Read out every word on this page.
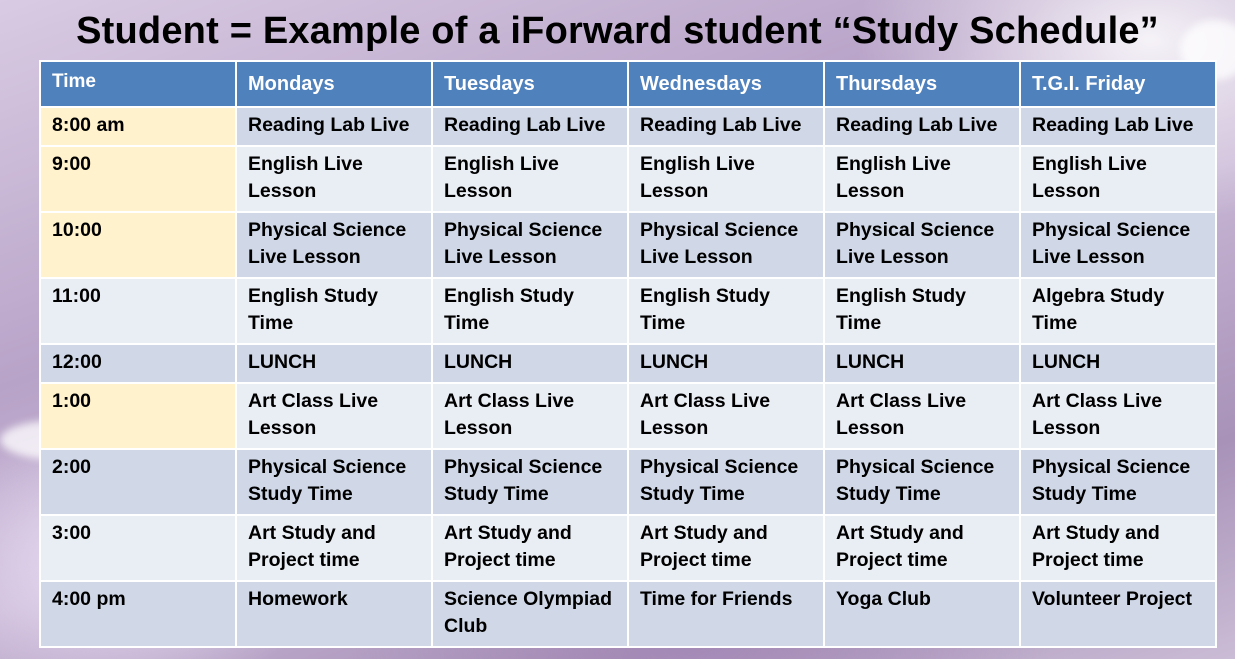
Student = Example of a iForward student “Study Schedule”
Time	Mondays	Tuesdays	Wednesdays	Thursdays	T.G.I. Friday
8:00 am	Reading Lab Live	Reading Lab Live	Reading Lab Live	Reading Lab Live	Reading Lab Live
9:00	English Live Lesson	English Live Lesson	English Live Lesson	English Live Lesson	English Live Lesson
10:00	Physical Science Live Lesson	Physical Science Live Lesson	Physical Science Live Lesson	Physical Science Live Lesson	Physical Science Live Lesson
11:00	English Study Time	English Study Time	English Study Time	English Study Time	Algebra Study Time
12:00	LUNCH	LUNCH	LUNCH	LUNCH	LUNCH
1:00	Art Class Live Lesson	Art Class Live Lesson	Art Class Live Lesson	Art Class Live Lesson	Art Class Live Lesson
2:00	Physical Science Study Time	Physical Science Study Time	Physical Science Study Time	Physical Science Study Time	Physical Science Study Time
3:00	Art Study and Project time	Art Study and Project time	Art Study and Project time	Art Study and Project time	Art Study and Project time
4:00 pm	Homework	Science Olympiad Club	Time for Friends	Yoga Club	Volunteer Project
